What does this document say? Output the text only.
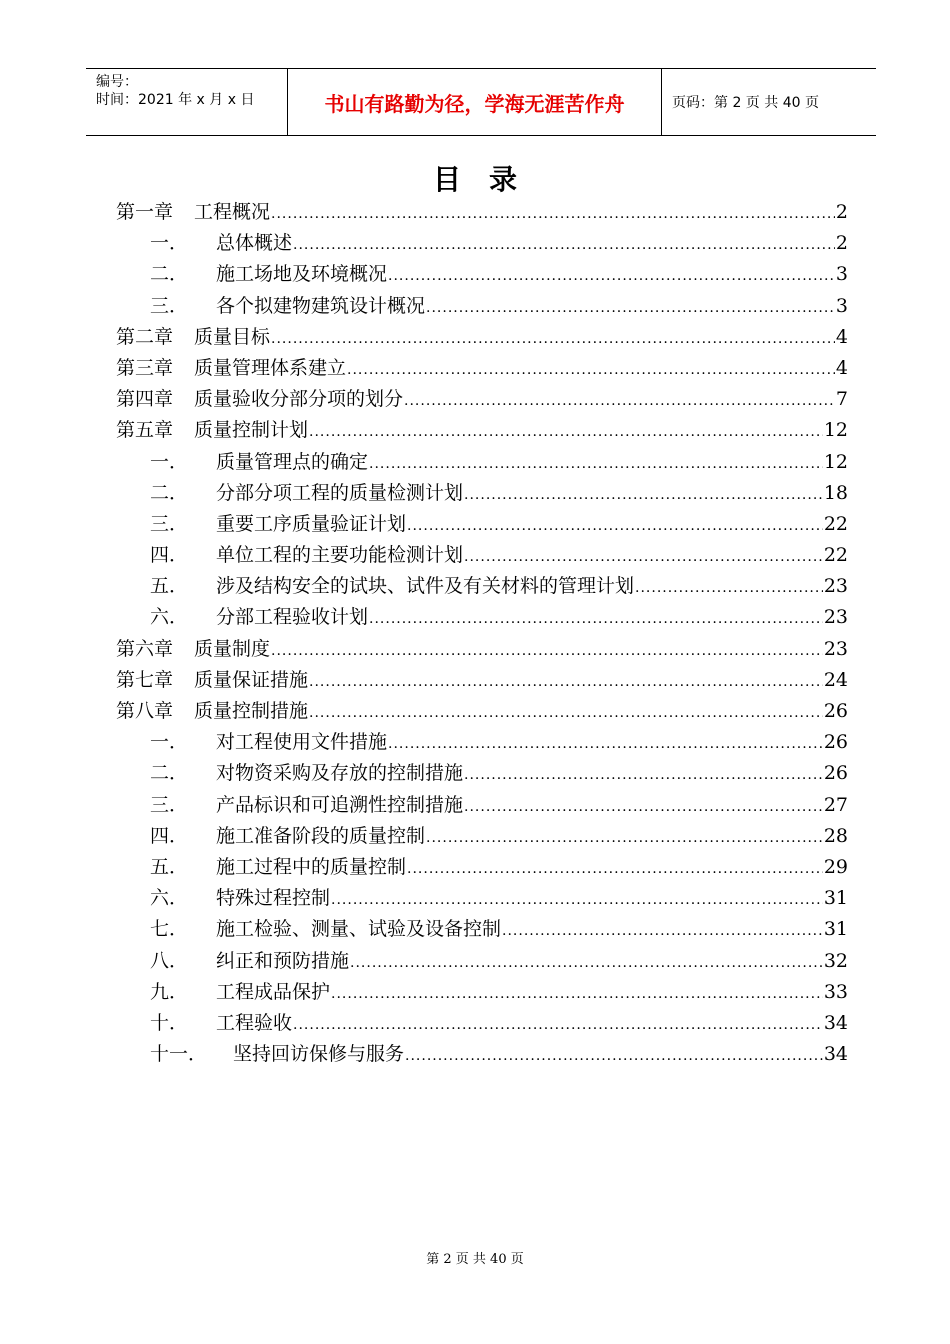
编号：
时间：2021 年 x 月 x 日	书山有路勤为径，学海无涯苦作舟	页码：第 2 页 共 40 页
目录
第一章	工程概况 .....	2
一．	总体概述 .....	2
二．	施工场地及环境概况 .....	3
三．	各个拟建物建筑设计概况 .....	3
第二章	质量目标 .....	4
第三章	质量管理体系建立 .....	4
第四章	质量验收分部分项的划分 .....	7
第五章	质量控制计划 .....	12
一．	质量管理点的确定 .....	12
二．	分部分项工程的质量检测计划 .....	18
三．	重要工序质量验证计划 .....	22
四．	单位工程的主要功能检测计划 .....	22
五．	涉及结构安全的试块、试件及有关材料的管理计划 .....	23
六．	分部工程验收计划 .....	23
第六章	质量制度 .....	23
第七章	质量保证措施 .....	24
第八章	质量控制措施 .....	26
一．	对工程使用文件措施 .....	26
二．	对物资采购及存放的控制措施 .....	26
三．	产品标识和可追溯性控制措施 .....	27
四．	施工准备阶段的质量控制 .....	28
五．	施工过程中的质量控制 .....	29
六．	特殊过程控制 .....	31
七．	施工检验、测量、试验及设备控制 .....	31
八．	纠正和预防措施 .....	32
九．	工程成品保护 .....	33
十．	工程验收 .....	34
十一．	坚持回访保修与服务 .....	34
第 2 页 共 40 页
